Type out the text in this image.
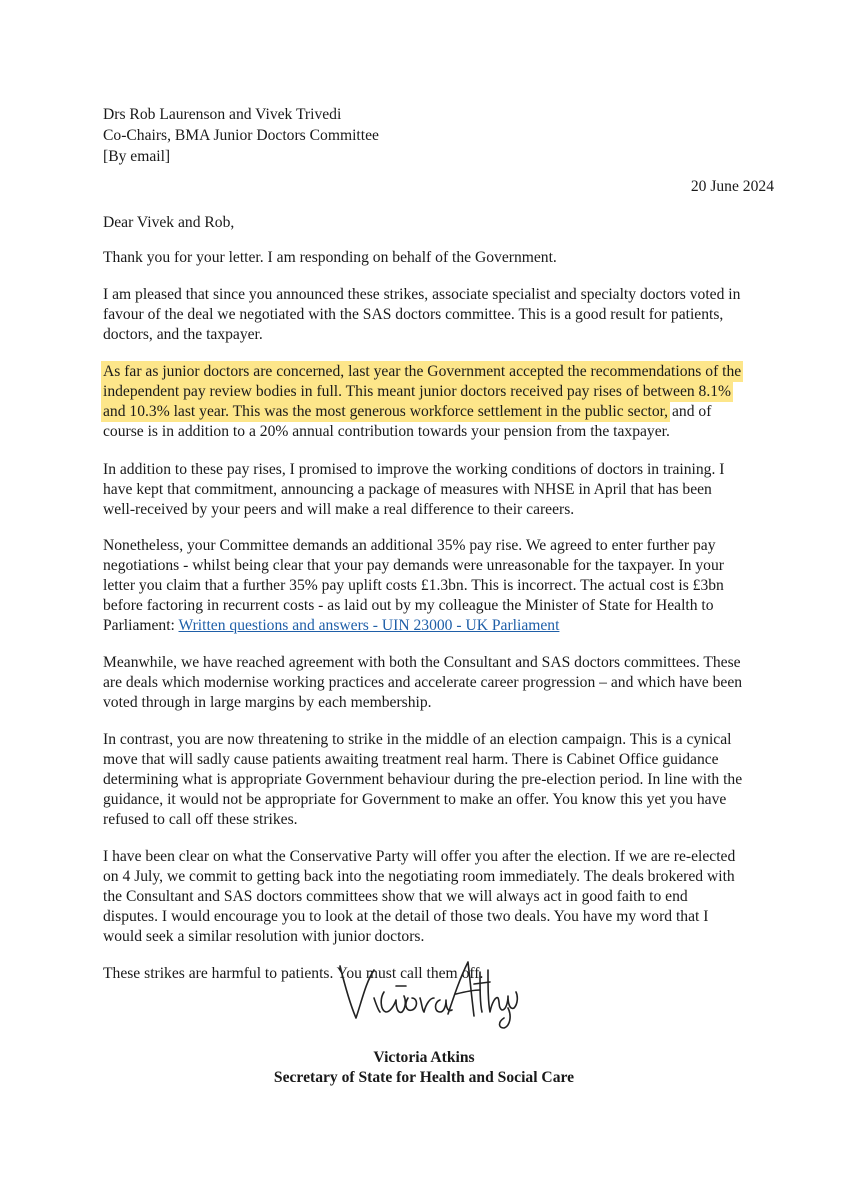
Drs Rob Laurenson and Vivek Trivedi
Co-Chairs, BMA Junior Doctors Committee
[By email]
20 June 2024
Dear Vivek and Rob,
Thank you for your letter. I am responding on behalf of the Government.
I am pleased that since you announced these strikes, associate specialist and specialty doctors voted in
favour of the deal we negotiated with the SAS doctors committee. This is a good result for patients,
doctors, and the taxpayer.
As far as junior doctors are concerned, last year the Government accepted the recommendations of the
independent pay review bodies in full. This meant junior doctors received pay rises of between 8.1%
and 10.3% last year. This was the most generous workforce settlement in the public sector, and of
course is in addition to a 20% annual contribution towards your pension from the taxpayer.
In addition to these pay rises, I promised to improve the working conditions of doctors in training. I
have kept that commitment, announcing a package of measures with NHSE in April that has been
well-received by your peers and will make a real difference to their careers.
Nonetheless, your Committee demands an additional 35% pay rise. We agreed to enter further pay
negotiations - whilst being clear that your pay demands were unreasonable for the taxpayer. In your
letter you claim that a further 35% pay uplift costs £1.3bn. This is incorrect. The actual cost is £3bn
before factoring in recurrent costs - as laid out by my colleague the Minister of State for Health to
Parliament: Written questions and answers - UIN 23000 - UK Parliament
Meanwhile, we have reached agreement with both the Consultant and SAS doctors committees. These
are deals which modernise working practices and accelerate career progression – and which have been
voted through in large margins by each membership.
In contrast, you are now threatening to strike in the middle of an election campaign. This is a cynical
move that will sadly cause patients awaiting treatment real harm. There is Cabinet Office guidance
determining what is appropriate Government behaviour during the pre-election period. In line with the
guidance, it would not be appropriate for Government to make an offer. You know this yet you have
refused to call off these strikes.
I have been clear on what the Conservative Party will offer you after the election. If we are re-elected
on 4 July, we commit to getting back into the negotiating room immediately. The deals brokered with
the Consultant and SAS doctors committees show that we will always act in good faith to end
disputes. I would encourage you to look at the detail of those two deals. You have my word that I
would seek a similar resolution with junior doctors.
These strikes are harmful to patients. You must call them off.
Victoria Atkins
Secretary of State for Health and Social Care
